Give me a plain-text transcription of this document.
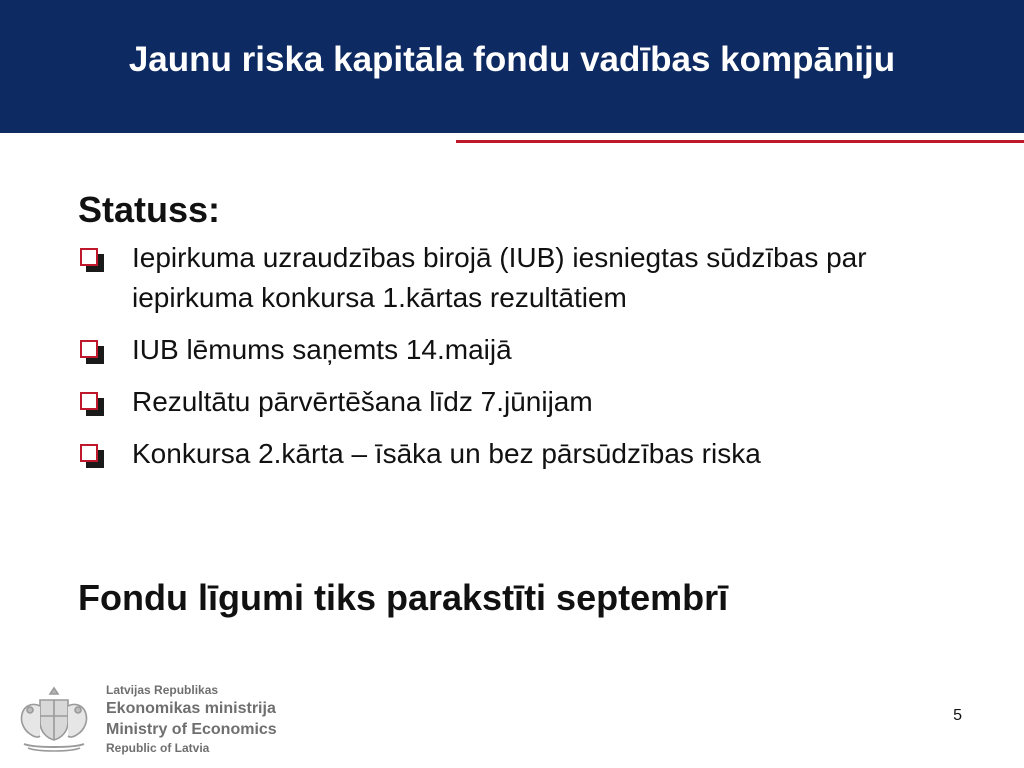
Jaunu riska kapitāla fondu vadības kompāniju
atlase

Statuss:

Iepirkuma uzraudzības birojā (IUB) iesniegtas sūdzības par iepirkuma konkursa 1.kārtas rezultātiem
IUB lēmums saņemts 14.maijā
Rezultātu pārvērtēšana līdz 7.jūnijam
Konkursa 2.kārta – īsāka un bez pārsūdzības riska

Fondu līgumi tiks parakstīti septembrī

Latvijas Republikas
Ekonomikas ministrija
Ministry of Economics
Republic of Latvia
5
